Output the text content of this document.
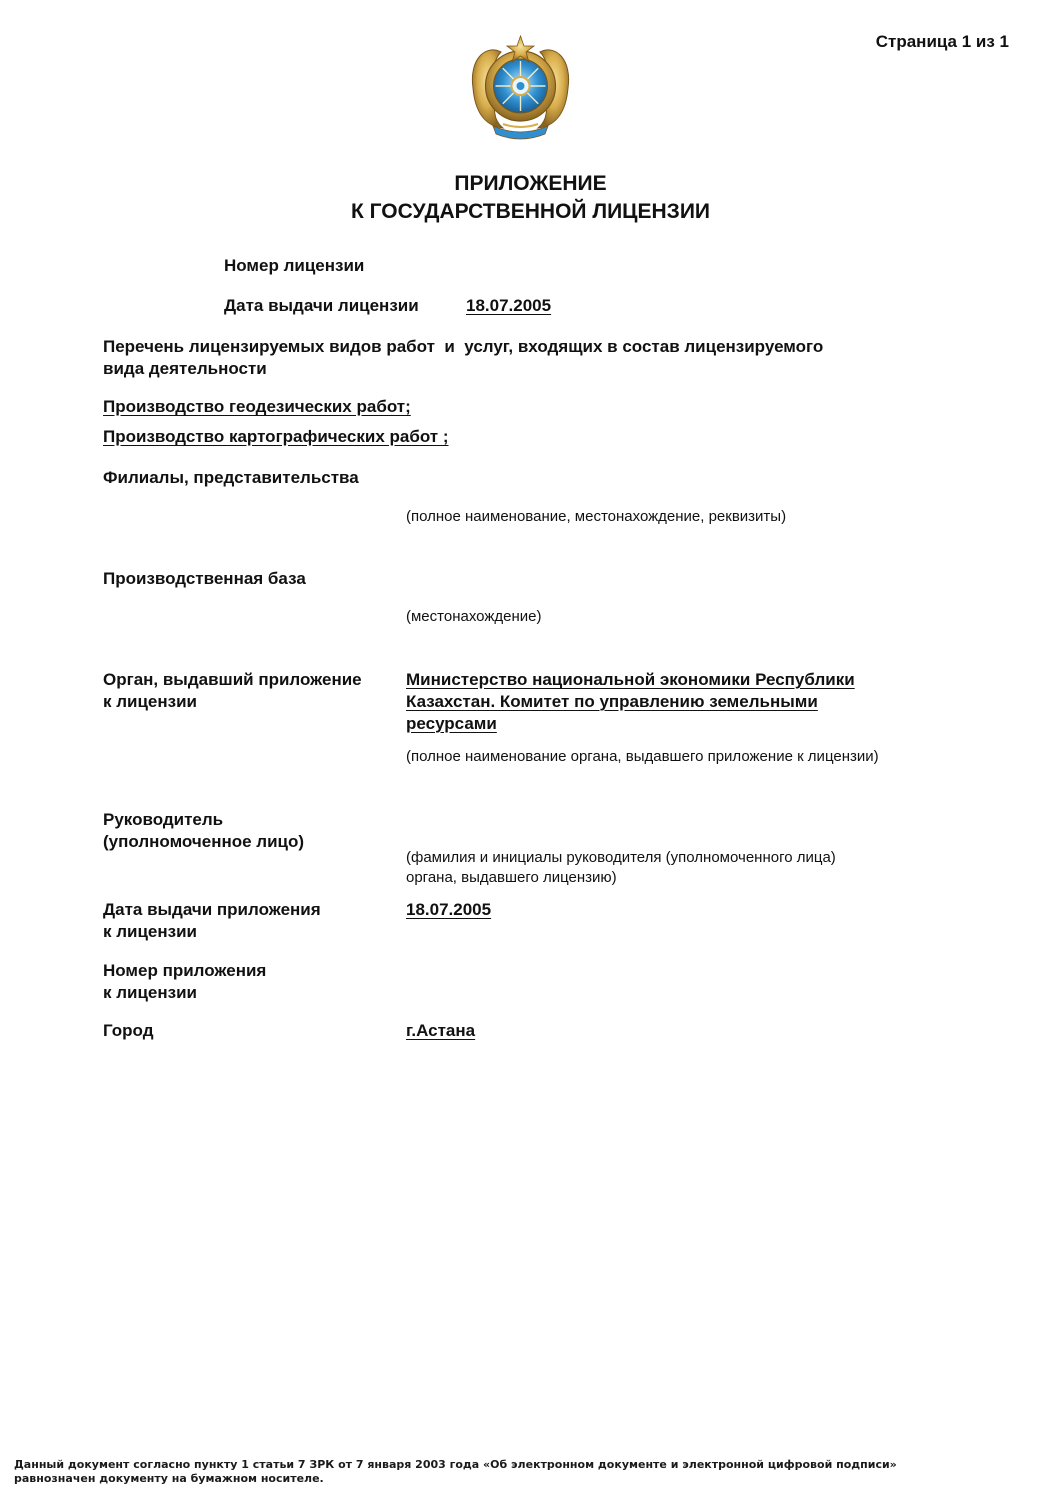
Страница 1 из 1
ПРИЛОЖЕНИЕ
К ГОСУДАРСТВЕННОЙ ЛИЦЕНЗИИ
Номер лицензии
Дата выдачи лицензии	18.07.2005
Перечень лицензируемых видов работ  и  услуг, входящих в состав лицензируемого
вида деятельности
Производство геодезических работ;
Производство картографических работ ;
Филиалы, представительства
(полное наименование, местонахождение, реквизиты)
Производственная база
(местонахождение)
Орган, выдавший приложение
к лицензии
Министерство национальной экономики Республики
Казахстан. Комитет по управлению земельными
ресурсами
(полное наименование органа, выдавшего приложение к лицензии)
Руководитель
(уполномоченное лицо)
(фамилия и инициалы руководителя (уполномоченного лица)
органа, выдавшего лицензию)
Дата выдачи приложения
к лицензии
18.07.2005
Номер приложения
к лицензии
Город	г.Астана
Данный документ согласно пункту 1 статьи 7 ЗРК от 7 января 2003 года «Об электронном документе и электронной цифровой подписи»
равнозначен документу на бумажном носителе.
